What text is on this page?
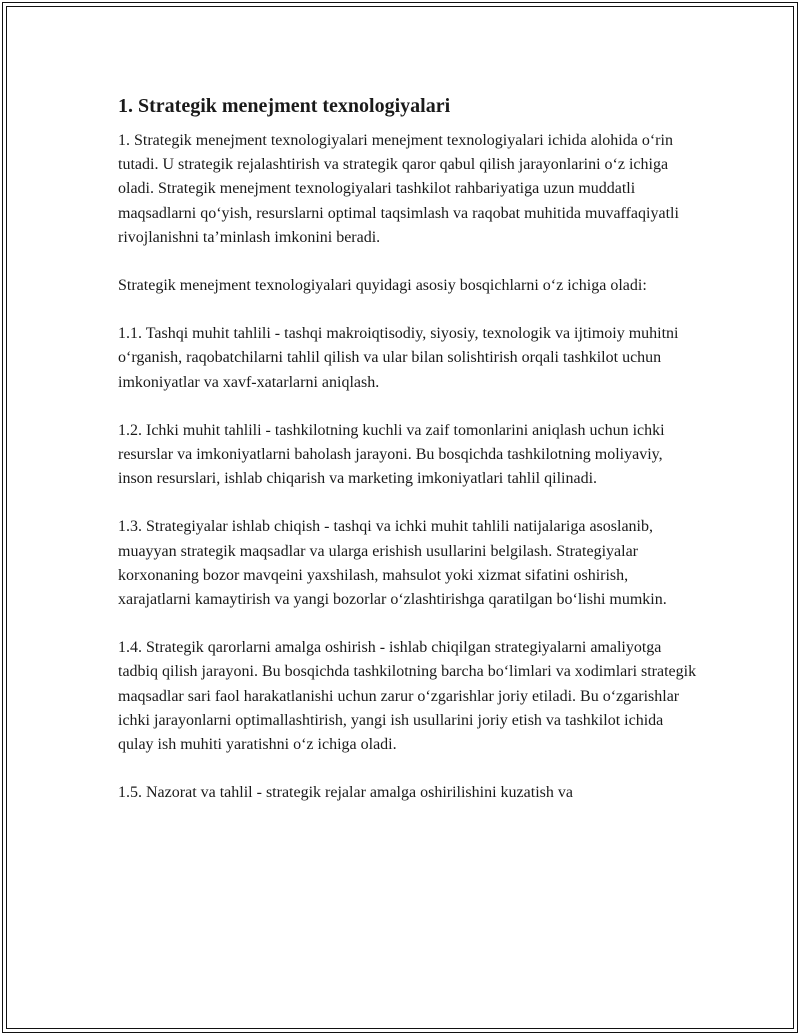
1. Strategik menejment texnologiyalari

1. Strategik menejment texnologiyalari menejment texnologiyalari ichida alohida o‘rin tutadi. U strategik rejalashtirish va strategik qaror qabul qilish jarayonlarini o‘z ichiga oladi. Strategik menejment texnologiyalari tashkilot rahbariyatiga uzun muddatli maqsadlarni qo‘yish, resurslarni optimal taqsimlash va raqobat muhitida muvaffaqiyatli rivojlanishni ta’minlash imkonini beradi.

Strategik menejment texnologiyalari quyidagi asosiy bosqichlarni o‘z ichiga oladi:

1.1. Tashqi muhit tahlili - tashqi makroiqtisodiy, siyosiy, texnologik va ijtimoiy muhitni o‘rganish, raqobatchilarni tahlil qilish va ular bilan solishtirish orqali tashkilot uchun imkoniyatlar va xavf-xatarlarni aniqlash.

1.2. Ichki muhit tahlili - tashkilotning kuchli va zaif tomonlarini aniqlash uchun ichki resurslar va imkoniyatlarni baholash jarayoni. Bu bosqichda tashkilotning moliyaviy, inson resurslari, ishlab chiqarish va marketing imkoniyatlari tahlil qilinadi.

1.3. Strategiyalar ishlab chiqish - tashqi va ichki muhit tahlili natijalariga asoslanib, muayyan strategik maqsadlar va ularga erishish usullarini belgilash. Strategiyalar korxonaning bozor mavqeini yaxshilash, mahsulot yoki xizmat sifatini oshirish, xarajatlarni kamaytirish va yangi bozorlar o‘zlashtirishga qaratilgan bo‘lishi mumkin.

1.4. Strategik qarorlarni amalga oshirish - ishlab chiqilgan strategiyalarni amaliyotga tadbiq qilish jarayoni. Bu bosqichda tashkilotning barcha bo‘limlari va xodimlari strategik maqsadlar sari faol harakatlanishi uchun zarur o‘zgarishlar joriy etiladi. Bu o‘zgarishlar ichki jarayonlarni optimallashtirish, yangi ish usullarini joriy etish va tashkilot ichida qulay ish muhiti yaratishni o‘z ichiga oladi.

1.5. Nazorat va tahlil - strategik rejalar amalga oshirilishini kuzatish va
